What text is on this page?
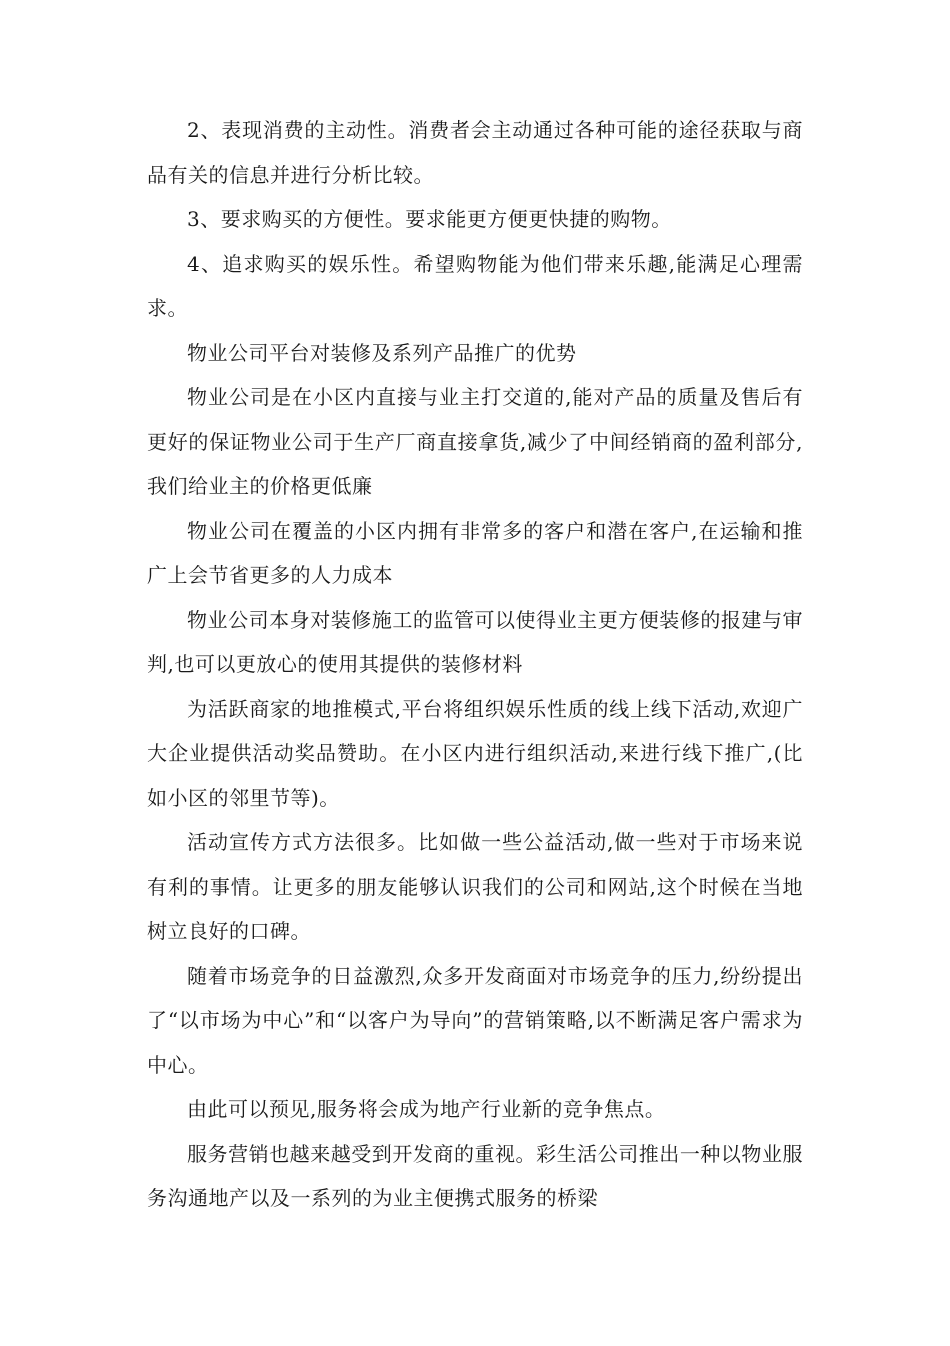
2、表现消费的主动性。消费者会主动通过各种可能的途径获取与商品有关的信息并进行分析比较。

3、要求购买的方便性。要求能更方便更快捷的购物。

4、追求购买的娱乐性。希望购物能为他们带来乐趣,能满足心理需求。

物业公司平台对装修及系列产品推广的优势

物业公司是在小区内直接与业主打交道的,能对产品的质量及售后有更好的保证物业公司于生产厂商直接拿货,减少了中间经销商的盈利部分,我们给业主的价格更低廉

物业公司在覆盖的小区内拥有非常多的客户和潜在客户,在运输和推广上会节省更多的人力成本

物业公司本身对装修施工的监管可以使得业主更方便装修的报建与审判,也可以更放心的使用其提供的装修材料

为活跃商家的地推模式,平台将组织娱乐性质的线上线下活动,欢迎广大企业提供活动奖品赞助。在小区内进行组织活动,来进行线下推广,(比如小区的邻里节等)。

活动宣传方式方法很多。比如做一些公益活动,做一些对于市场来说有利的事情。让更多的朋友能够认识我们的公司和网站,这个时候在当地树立良好的口碑。

随着市场竞争的日益激烈,众多开发商面对市场竞争的压力,纷纷提出了“以市场为中心”和“以客户为导向”的营销策略,以不断满足客户需求为中心。

由此可以预见,服务将会成为地产行业新的竞争焦点。

服务营销也越来越受到开发商的重视。彩生活公司推出一种以物业服务沟通地产以及一系列的为业主便携式服务的桥梁
